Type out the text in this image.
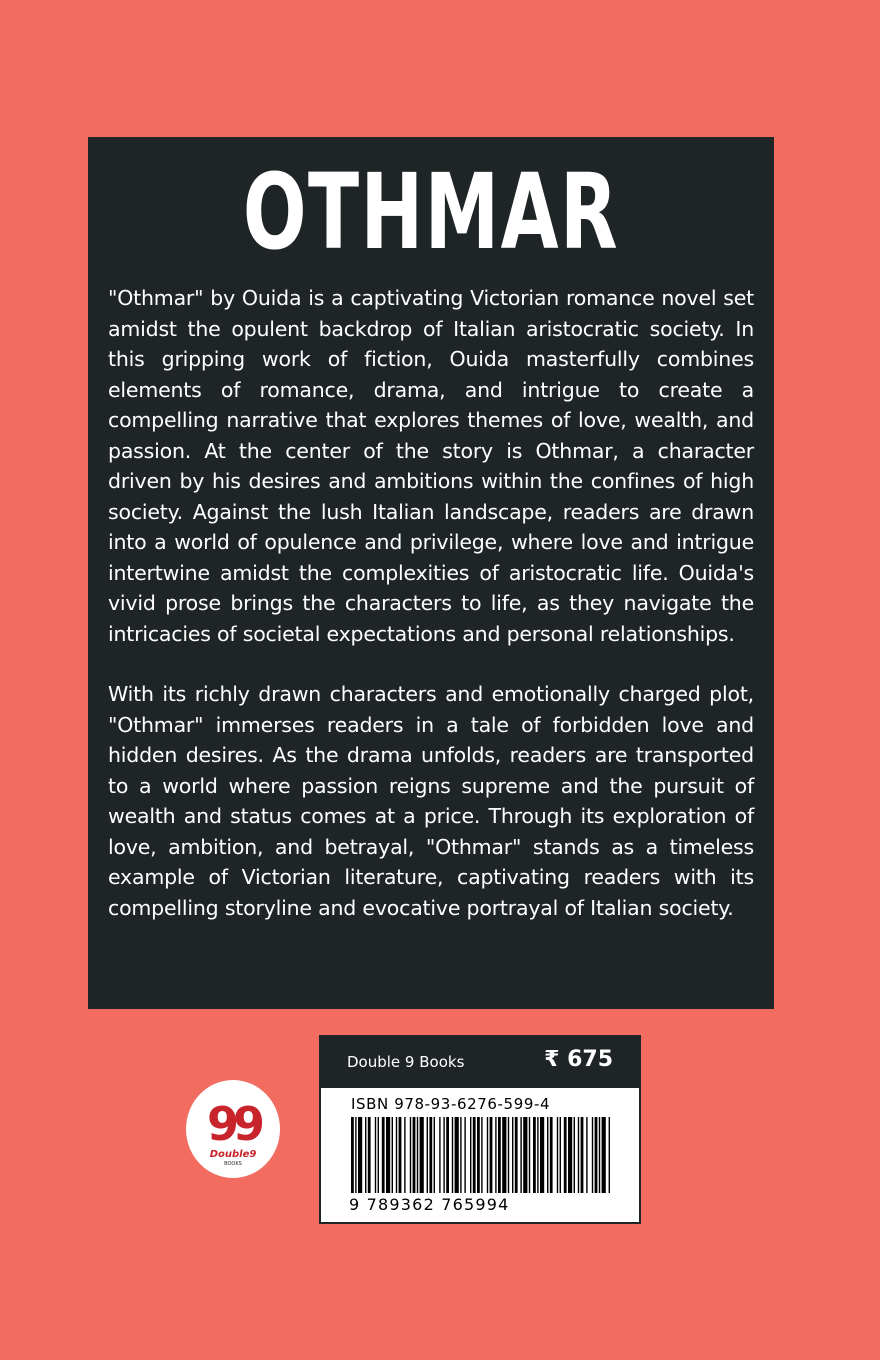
OTHMAR

"Othmar" by Ouida is a captivating Victorian romance novel set amidst the opulent backdrop of Italian aristocratic society. In this gripping work of fiction, Ouida masterfully combines elements of romance, drama, and intrigue to create a compelling narrative that explores themes of love, wealth, and passion. At the center of the story is Othmar, a character driven by his desires and ambitions within the confines of high society. Against the lush Italian landscape, readers are drawn into a world of opulence and privilege, where love and intrigue intertwine amidst the complexities of aristocratic life. Ouida's vivid prose brings the characters to life, as they navigate the intricacies of societal expectations and personal relationships.

With its richly drawn characters and emotionally charged plot, "Othmar" immerses readers in a tale of forbidden love and hidden desires. As the drama unfolds, readers are transported to a world where passion reigns supreme and the pursuit of wealth and status comes at a price. Through its exploration of love, ambition, and betrayal, "Othmar" stands as a timeless example of Victorian literature, captivating readers with its compelling storyline and evocative portrayal of Italian society.

99
Double9
BOOKS
Double 9 Books	₹ 675
ISBN 978-93-6276-599-4
9 789362 765994
